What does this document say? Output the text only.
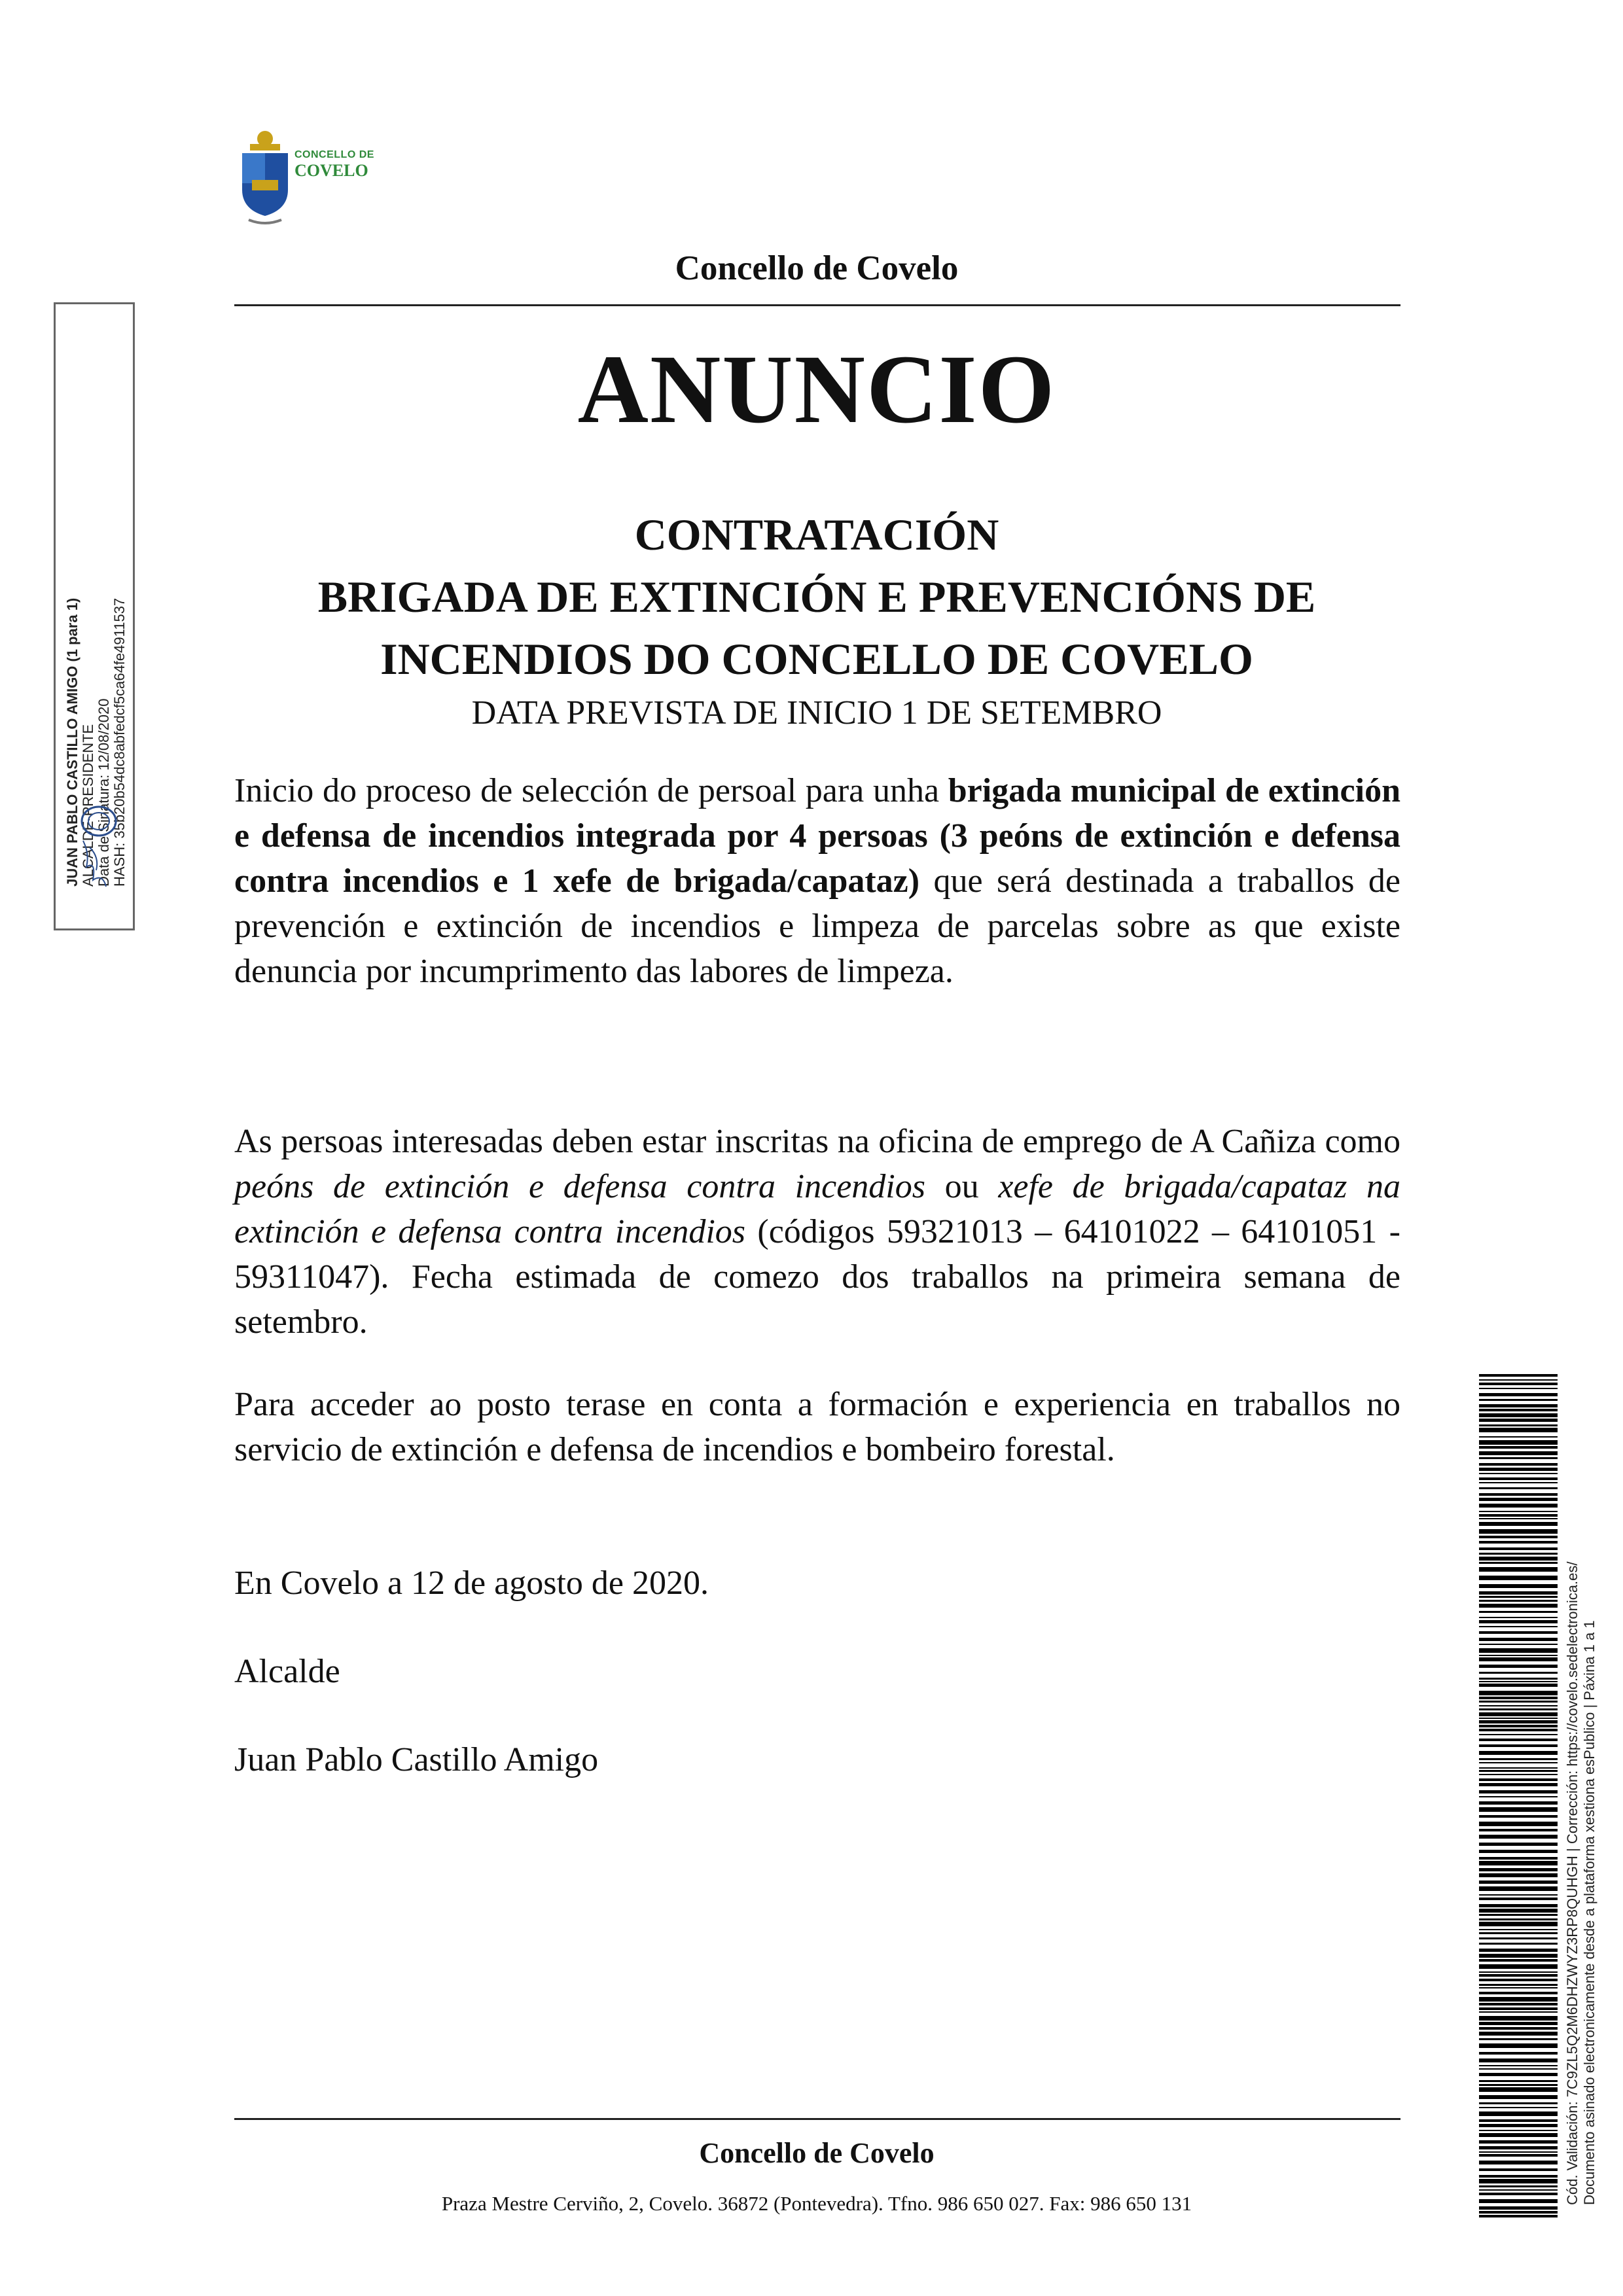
CONCELLO DE
COVELO
Concello de Covelo
ANUNCIO
CONTRATACIÓN
BRIGADA DE EXTINCIÓN E PREVENCIÓNS DE
INCENDIOS DO CONCELLO DE COVELO
DATA PREVISTA DE INICIO 1 DE SETEMBRO
Inicio do proceso de selección de persoal para unha brigada municipal de extinción e defensa de incendios integrada por 4 persoas (3 peóns de extinción e defensa contra incendios e 1 xefe de brigada/capataz) que será destinada a traballos de prevención e extinción de incendios e limpeza de parcelas sobre as que existe denuncia por incumprimento das labores de limpeza.
As persoas interesadas deben estar inscritas na oficina de emprego de A Cañiza como peóns de extinción e defensa contra incendios ou xefe de brigada/capataz na extinción e defensa contra incendios (códigos 59321013 – 64101022 – 64101051 - 59311047). Fecha estimada de comezo dos traballos na primeira semana de setembro.
Para acceder ao posto terase en conta a formación e experiencia en traballos no servicio de extinción e defensa de incendios e bombeiro forestal.
En Covelo a 12 de agosto de 2020.
Alcalde
Juan Pablo Castillo Amigo
Concello de Covelo
Praza Mestre Cerviño, 2, Covelo. 36872 (Pontevedra). Tfno. 986 650 027. Fax: 986 650 131
JUAN PABLO CASTILLO AMIGO (1 para 1) ALCALDE-PRESIDENTE Data de Sinatura: 12/08/2020 HASH: 35b20b54dc8abfedcf5ca64fe4911537
Cód. Validación: 7C9ZL5Q2M6DHZWYZ3RP8QUHGH | Corrección: https://covelo.sedelectronica.es/ Documento asinado electronicamente desde a plataforma xestiona esPublico | Páxina 1 a 1
